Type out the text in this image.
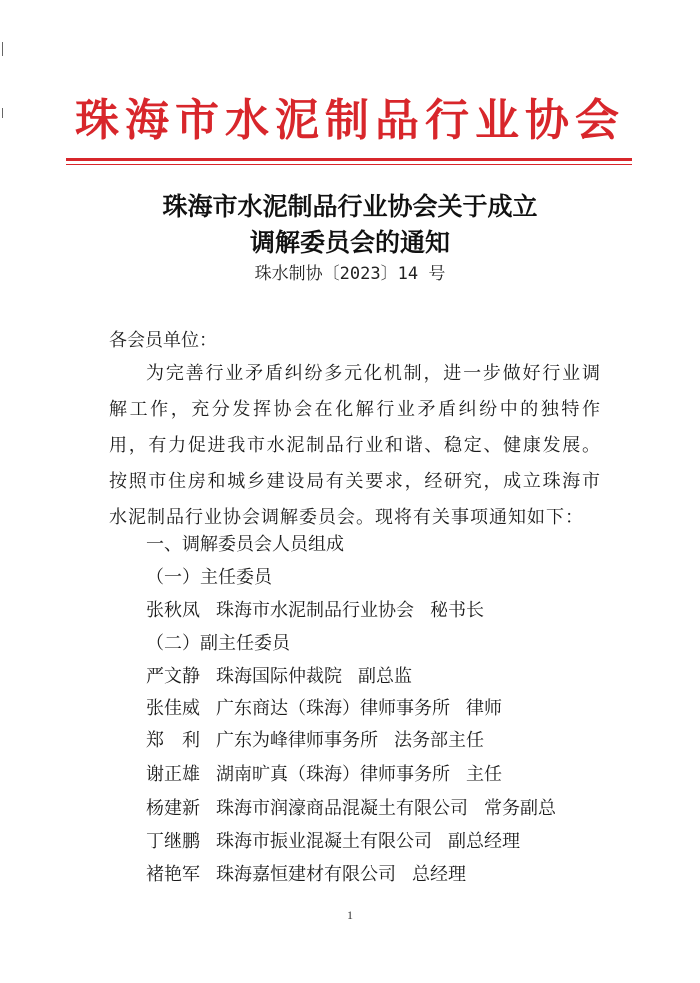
珠海市水泥制品行业协会
珠海市水泥制品行业协会关于成立
调解委员会的通知
珠水制协〔2023〕14 号
各会员单位：
为完善行业矛盾纠纷多元化机制，进一步做好行业调解工作，充分发挥协会在化解行业矛盾纠纷中的独特作用，有力促进我市水泥制品行业和谐、稳定、健康发展。按照市住房和城乡建设局有关要求，经研究，成立珠海市水泥制品行业协会调解委员会。现将有关事项通知如下：
一、调解委员会人员组成
（一）主任委员
张秋凤 珠海市水泥制品行业协会 秘书长
（二）副主任委员
严文静 珠海国际仲裁院 副总监
张佳威 广东商达（珠海）律师事务所 律师
郑　利 广东为峰律师事务所 法务部主任
谢正雄 湖南旷真（珠海）律师事务所 主任
杨建新 珠海市润濠商品混凝土有限公司 常务副总
丁继鹏 珠海市振业混凝土有限公司 副总经理
褚艳军 珠海嘉恒建材有限公司 总经理
1
